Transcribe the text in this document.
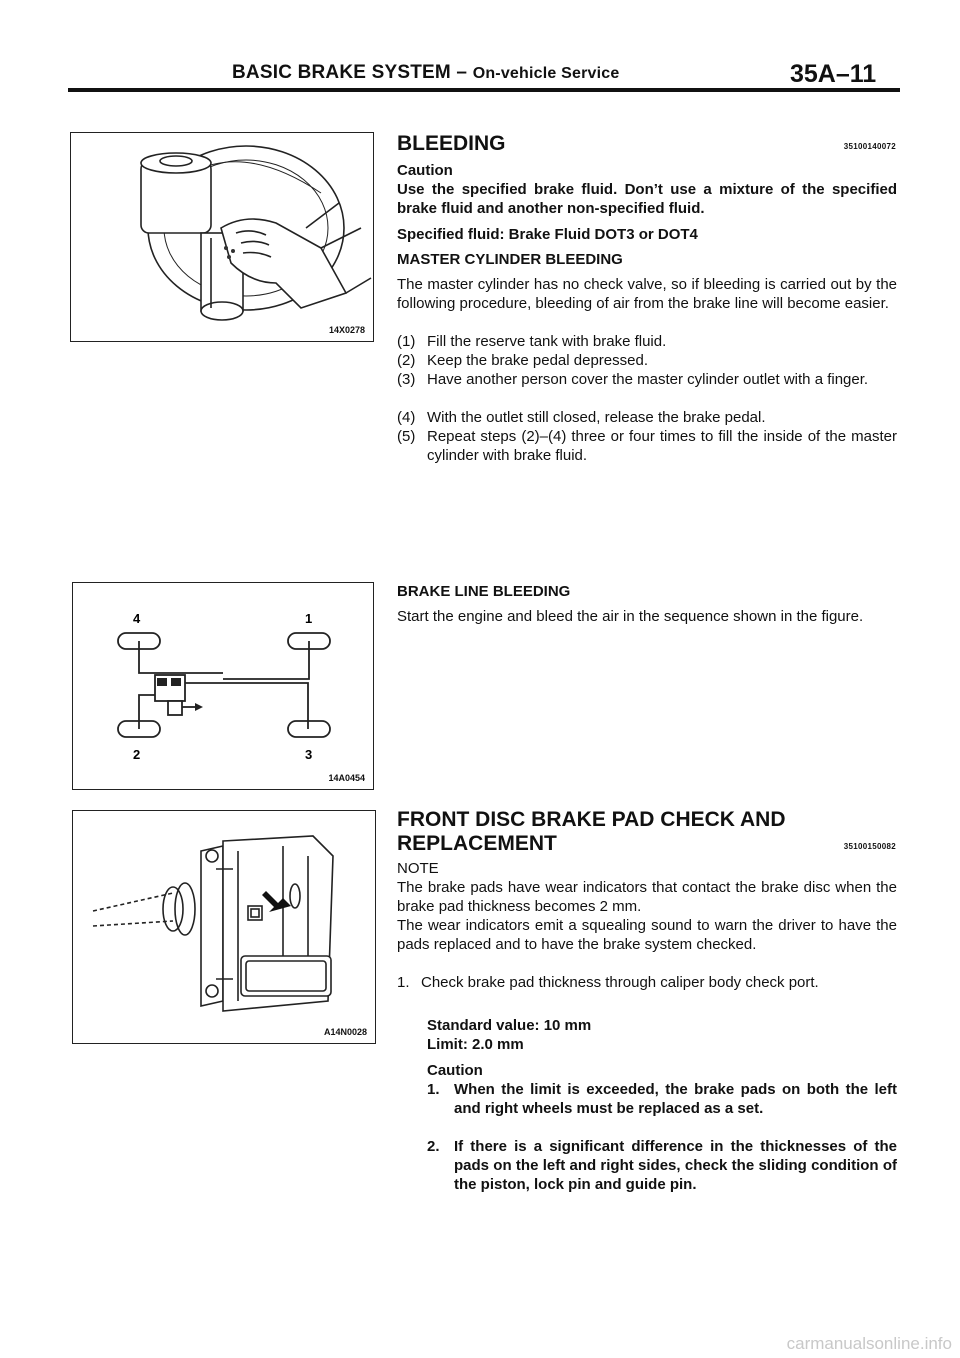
BASIC BRAKE SYSTEM – On-vehicle Service	35A–11
14X0278
4	1
2	3
14A0454
A14N0028
BLEEDING	35100140072
Caution
Use the specified brake fluid. Don’t use a mixture of the specified brake fluid and another non-specified fluid.
Specified fluid: Brake Fluid DOT3 or DOT4
MASTER CYLINDER BLEEDING
The master cylinder has no check valve, so if bleeding is carried out by the following procedure, bleeding of air from the brake line will become easier.
(1) Fill the reserve tank with brake fluid.
(2) Keep the brake pedal depressed.
(3) Have another person cover the master cylinder outlet with a finger.
(4) With the outlet still closed, release the brake pedal.
(5) Repeat steps (2)–(4) three or four times to fill the inside of the master cylinder with brake fluid.
BRAKE LINE BLEEDING
Start the engine and bleed the air in the sequence shown in the figure.
FRONT DISC BRAKE PAD CHECK AND
REPLACEMENT	35100150082
NOTE
The brake pads have wear indicators that contact the brake disc when the brake pad thickness becomes 2 mm.
The wear indicators emit a squealing sound to warn the driver to have the pads replaced and to have the brake system checked.
1. Check brake pad thickness through caliper body check port.
Standard value: 10 mm
Limit: 2.0 mm
Caution
1. When the limit is exceeded, the brake pads on both the left and right wheels must be replaced as a set.
2. If there is a significant difference in the thicknesses of the pads on the left and right sides, check the sliding condition of the piston, lock pin and guide pin.
carmanualsonline.info
